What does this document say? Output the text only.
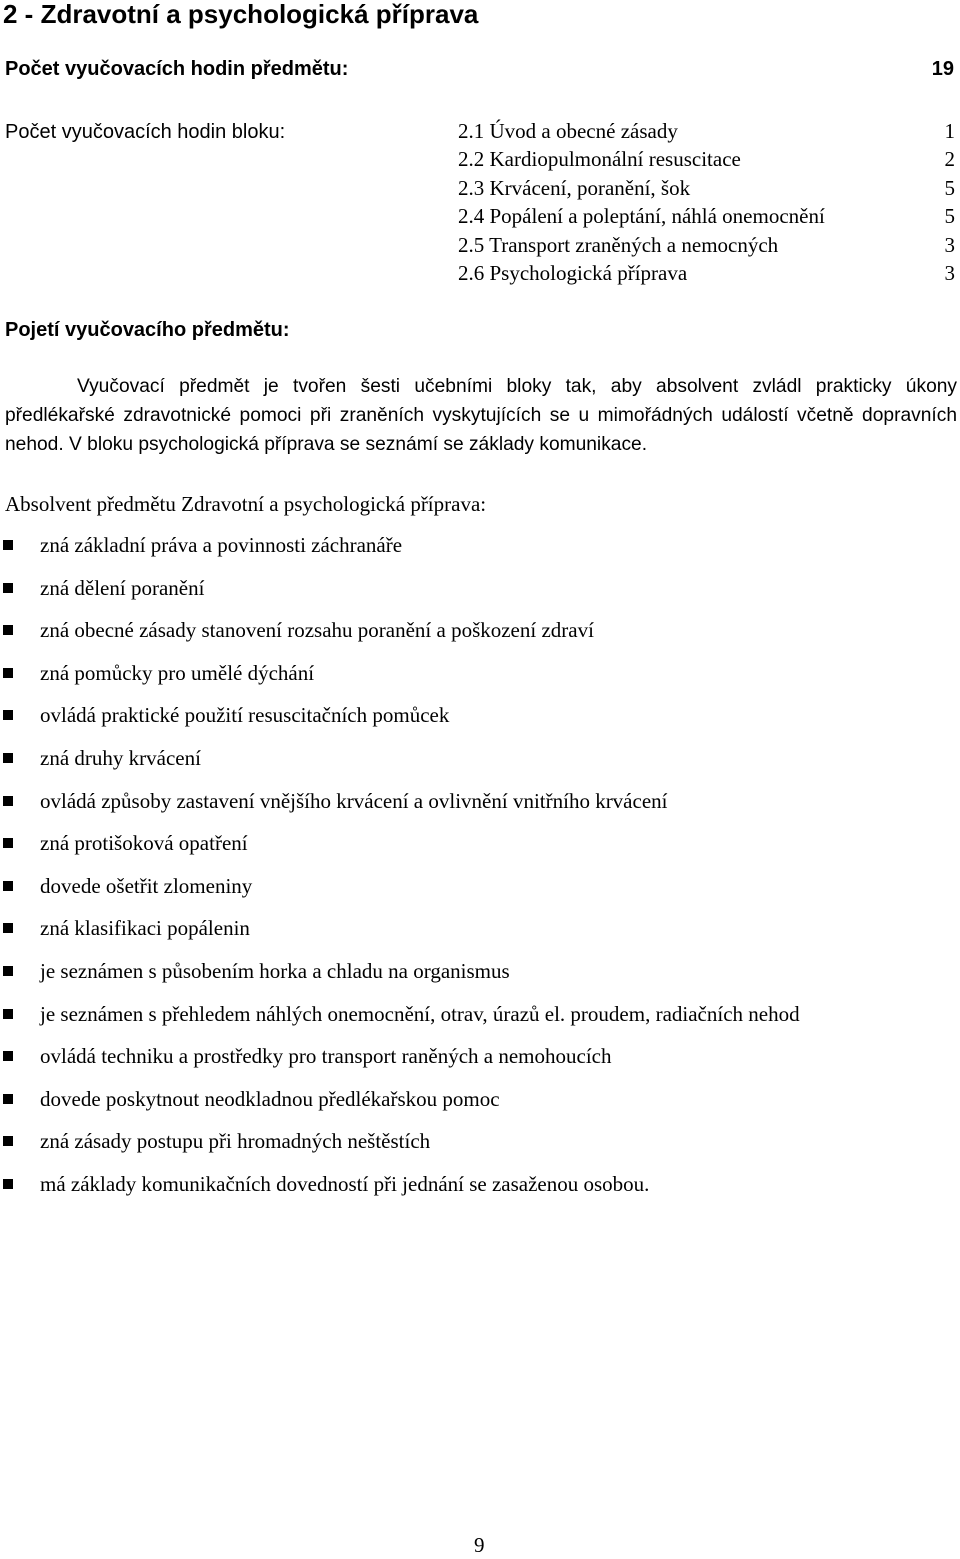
2 - Zdravotní a psychologická příprava
Počet vyučovacích hodin předmětu:	19
Počet vyučovacích hodin bloku:	2.1 Úvod a obecné zásady	1
2.2 Kardiopulmonální resuscitace	2
2.3 Krvácení, poranění, šok	5
2.4 Popálení a poleptání, náhlá onemocnění	5
2.5 Transport zraněných a nemocných	3
2.6 Psychologická příprava	3
Pojetí vyučovacího předmětu:

Vyučovací předmět je tvořen šesti učebními bloky tak, aby absolvent zvládl prakticky úkony předlékařské zdravotnické pomoci při zraněních vyskytujících se u mimořádných událostí včetně dopravních nehod. V bloku psychologická příprava se seznámí se základy komunikace.

Absolvent předmětu Zdravotní a psychologická příprava:
zná základní práva a povinnosti záchranáře
zná dělení poranění
zná obecné zásady stanovení rozsahu poranění a poškození zdraví
zná pomůcky pro umělé dýchání
ovládá praktické použití resuscitačních pomůcek
zná druhy krvácení
ovládá způsoby zastavení vnějšího krvácení a ovlivnění vnitřního krvácení
zná protišoková opatření
dovede ošetřit zlomeniny
zná klasifikaci popálenin
je seznámen s působením horka a chladu na organismus
je seznámen s přehledem náhlých onemocnění, otrav, úrazů el. proudem, radiačních nehod
ovládá techniku a prostředky pro transport raněných a nemohoucích
dovede poskytnout neodkladnou předlékařskou pomoc
zná zásady postupu při hromadných neštěstích
má základy komunikačních dovedností při jednání se zasaženou osobou.
9
